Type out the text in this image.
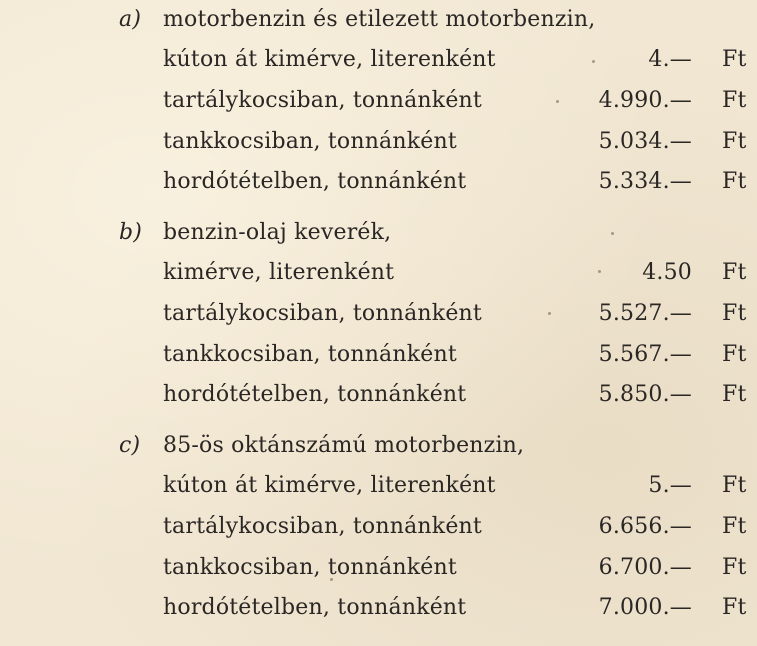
a) motorbenzin és etilezett motorbenzin,
kúton át kimérve, literenként	4.— Ft
tartálykocsiban, tonnánként	4.990.— Ft
tankkocsiban, tonnánként	5.034.— Ft
hordótételben, tonnánként	5.334.— Ft
b) benzin-olaj keverék,
kimérve, literenként	4.50 Ft
tartálykocsiban, tonnánként	5.527.— Ft
tankkocsiban, tonnánként	5.567.— Ft
hordótételben, tonnánként	5.850.— Ft
c) 85-ös oktánszámú motorbenzin,
kúton át kimérve, literenként	5.— Ft
tartálykocsiban, tonnánként	6.656.— Ft
tankkocsiban, tonnánként	6.700.— Ft
hordótételben, tonnánként	7.000.— Ft
